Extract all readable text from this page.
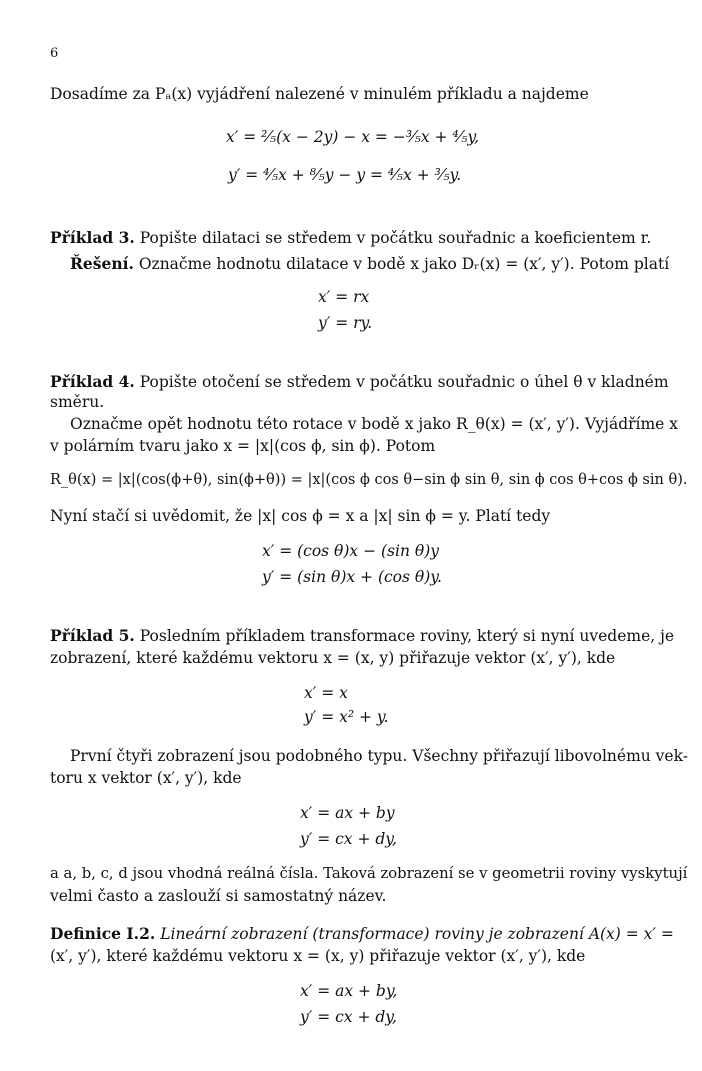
6
Dosadíme za Pₐ(x) vyjádření nalezené v minulém příkladu a najdeme
x′ = ²⁄₅(x − 2y) − x = −³⁄₅x + ⁴⁄₅y,
y′ = ⁴⁄₅x + ⁸⁄₅y − y = ⁴⁄₅x + ³⁄₅y.
Příklad 3. Popište dilataci se středem v počátku souřadnic a koeficientem r.
Řešení. Označme hodnotu dilatace v bodě x jako Dᵣ(x) = (x′, y′). Potom platí
x′ = rx
y′ = ry.
Příklad 4. Popište otočení se středem v počátku souřadnic o úhel θ v kladném
směru.
Označme opět hodnotu této rotace v bodě x jako R_θ(x) = (x′, y′). Vyjádříme x
v polárním tvaru jako x = |x|(cos ϕ, sin ϕ). Potom
R_θ(x) = |x|(cos(ϕ+θ), sin(ϕ+θ)) = |x|(cos ϕ cos θ−sin ϕ sin θ, sin ϕ cos θ+cos ϕ sin θ).
Nyní stačí si uvědomit, že |x| cos ϕ = x a |x| sin ϕ = y. Platí tedy
x′ = (cos θ)x − (sin θ)y
y′ = (sin θ)x + (cos θ)y.
Příklad 5. Posledním příkladem transformace roviny, který si nyní uvedeme, je
zobrazení, které každému vektoru x = (x, y) přiřazuje vektor (x′, y′), kde
x′ = x
y′ = x² + y.
První čtyři zobrazení jsou podobného typu. Všechny přiřazují libovolnému vek-
toru x vektor (x′, y′), kde
x′ = ax + by
y′ = cx + dy,
a a, b, c, d jsou vhodná reálná čísla. Taková zobrazení se v geometrii roviny vyskytují
velmi často a zaslouží si samostatný název.
Definice I.2. Lineární zobrazení (transformace) roviny je zobrazení A(x) = x′ =
(x′, y′), které každému vektoru x = (x, y) přiřazuje vektor (x′, y′), kde
x′ = ax + by,
y′ = cx + dy,
